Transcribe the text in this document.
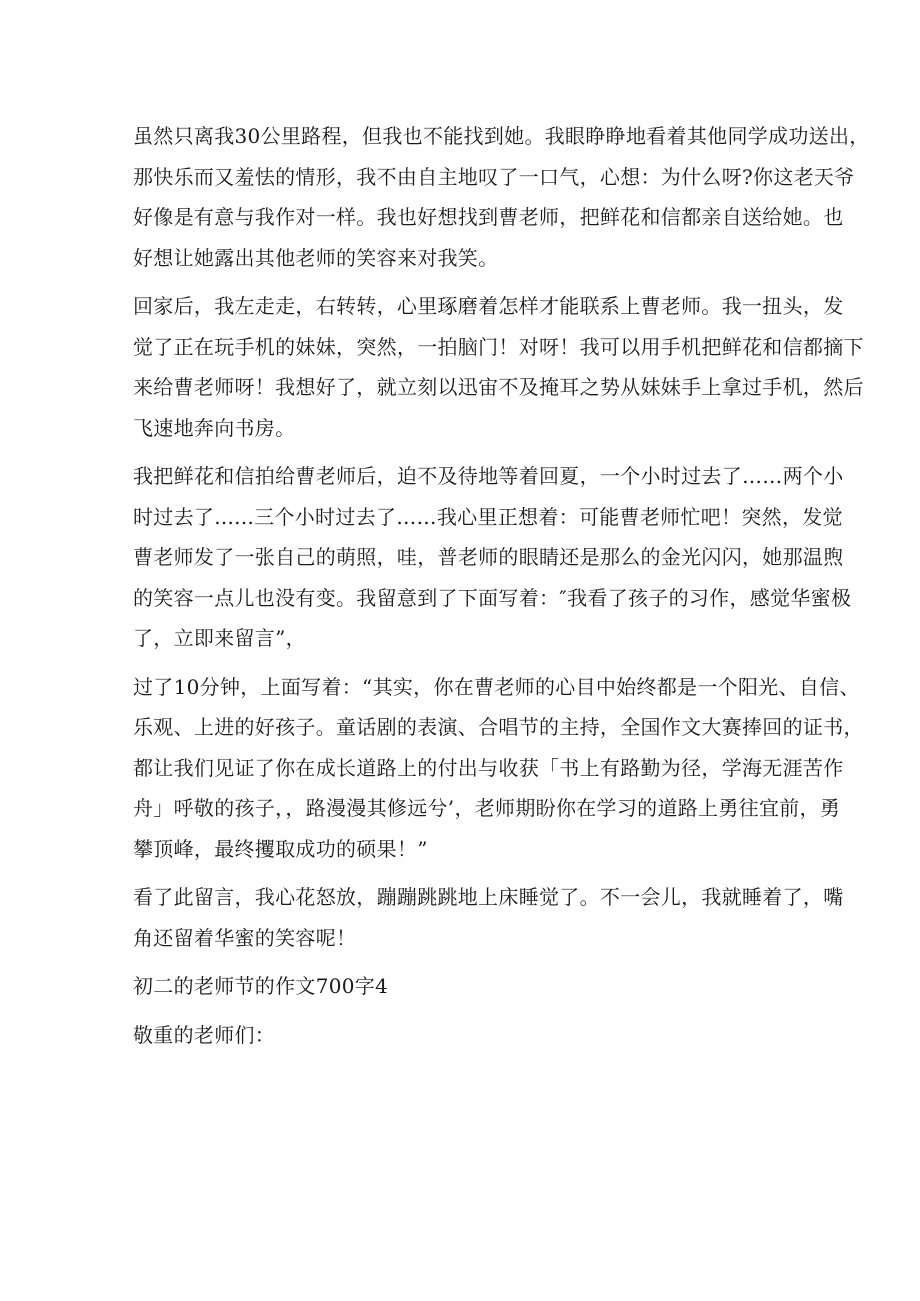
虽然只离我30公里路程，但我也不能找到她。我眼睁睁地看着其他同学成功送出，
那快乐而又羞怯的情形，我不由自主地叹了一口气，心想：为什么呀?你这老天爷
好像是有意与我作对一样。我也好想找到曹老师，把鲜花和信都亲自送给她。也
好想让她露出其他老师的笑容来对我笑。
回家后，我左走走，右转转，心里琢磨着怎样才能联系上曹老师。我一扭头，发
觉了正在玩手机的妹妹，突然，一拍脑门！对呀！我可以用手机把鲜花和信都摘下
来给曹老师呀！我想好了，就立刻以迅宙不及掩耳之势从妹妹手上拿过手机，然后
飞速地奔向书房。
我把鲜花和信拍给曹老师后，迫不及待地等着回夏，一个小时过去了……两个小
时过去了......三个小时过去了……我心里正想着：可能曹老师忙吧！突然，发觉
曹老师发了一张自己的萌照，哇，普老师的眼睛还是那么的金光闪闪，她那温煦
的笑容一点儿也没有变。我留意到了下面写着：″我看了孩子的习作，感觉华蜜极
了，立即来留言”，
过了10分钟，上面写着：“其实，你在曹老师的心目中始终都是一个阳光、自信、
乐观、上进的好孩子。童话剧的表演、合唱节的主持，全国作文大赛捧回的证书，
都让我们见证了你在成长道路上的付出与收获「书上有路勤为径，学海无涯苦作
舟」呼敬的孩子，，路漫漫其修远兮’，老师期盼你在学习的道路上勇往宜前，勇
攀顶峰，最终攫取成功的硕果！”
看了此留言，我心花怒放，蹦蹦跳跳地上床睡觉了。不一会儿，我就睡着了，嘴
角还留着华蜜的笑容呢！
初二的老师节的作文700字4
敬重的老师们：
